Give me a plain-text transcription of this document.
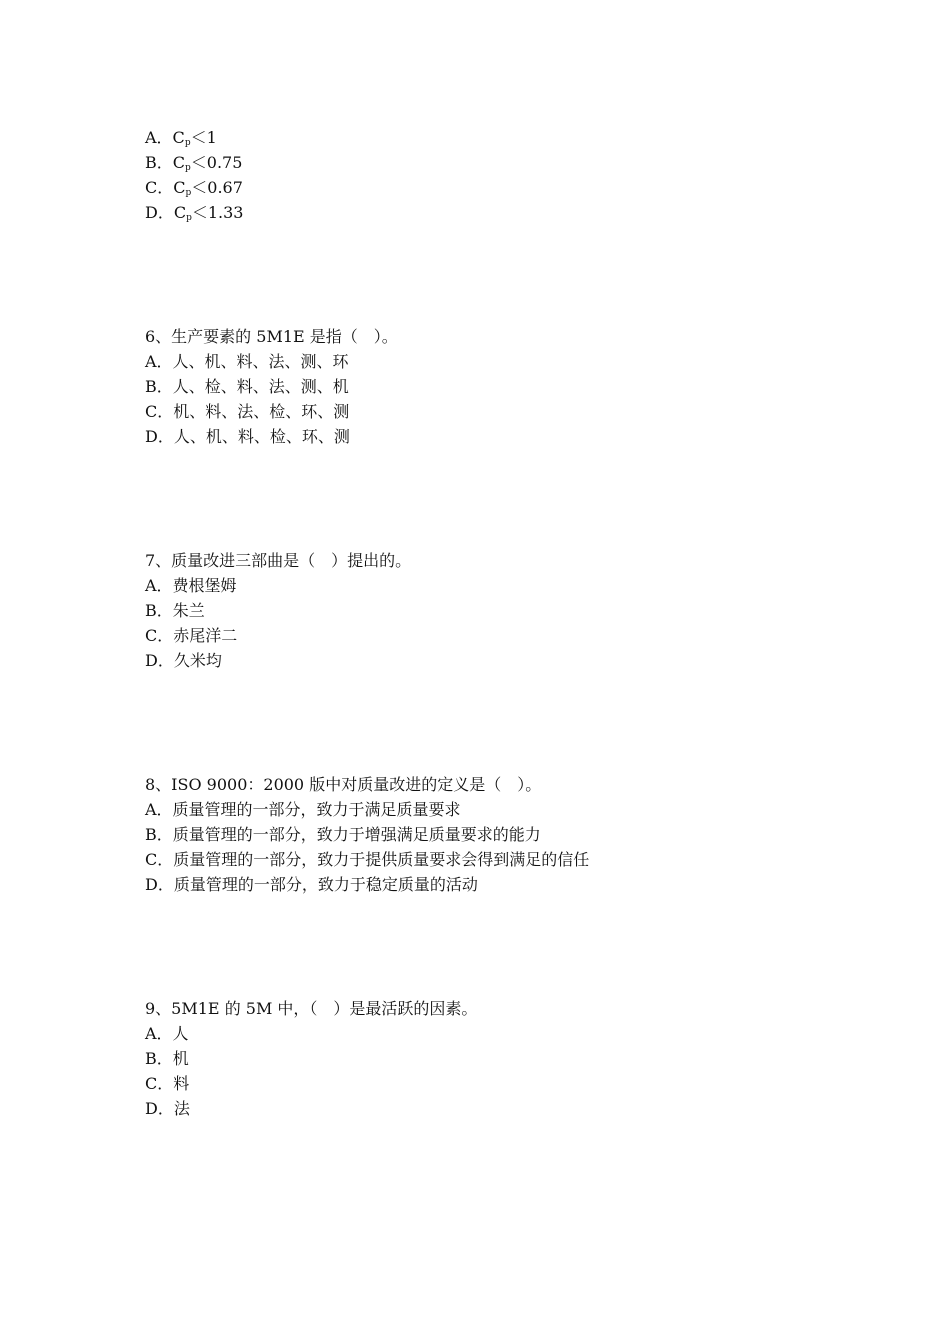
A．$C_p<1$
B．$C_p<0.75$
C．$C_p<0.67$
D．$C_p<1.33$
6、生产要素的 5M1E 是指（　）。
A．人、机、料、法、测、环
B．人、检、料、法、测、机
C．机、料、法、检、环、测
D．人、机、料、检、环、测
7、质量改进三部曲是（　）提出的。
A．费根堡姆
B．朱兰
C．赤尾洋二
D．久米均
8、ISO 9000：2000 版中对质量改进的定义是（　）。
A．质量管理的一部分，致力于满足质量要求
B．质量管理的一部分，致力于增强满足质量要求的能力
C．质量管理的一部分，致力于提供质量要求会得到满足的信任
D．质量管理的一部分，致力于稳定质量的活动
9、5M1E 的 5M 中，（　）是最活跃的因素。
A．人
B．机
C．料
D．法
